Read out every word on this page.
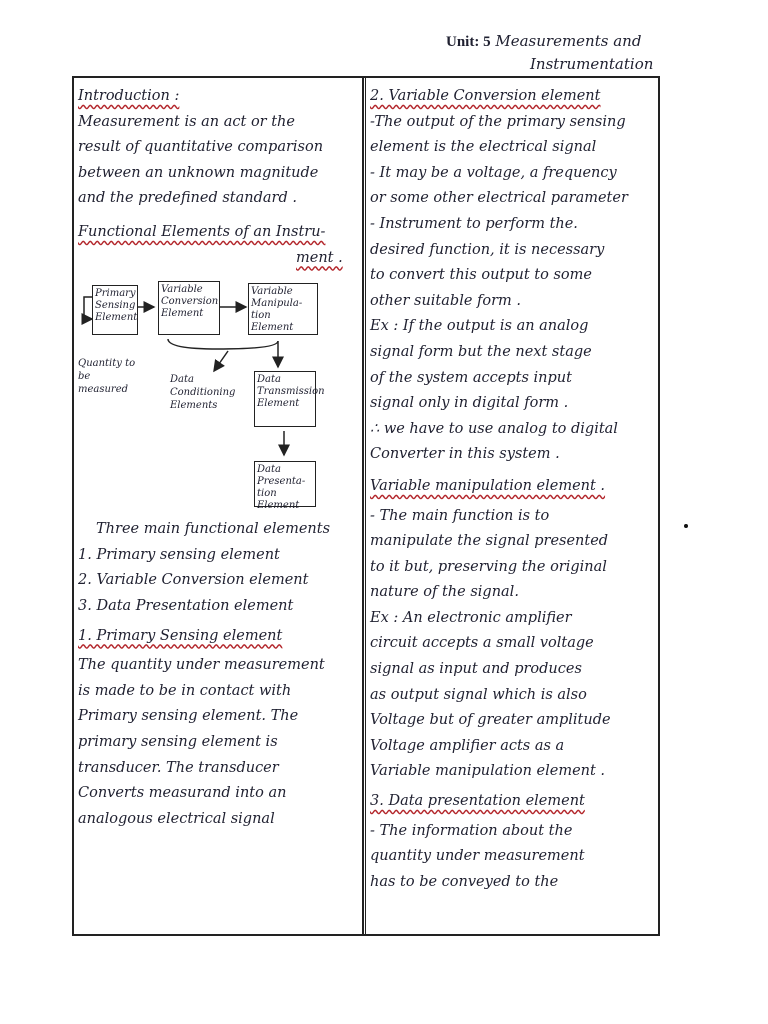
Unit: 5 Measurements and
Instrumentation

Introduction :

Measurement is an act or the

result of quantitative comparison

between an unknown magnitude

and the predefined standard .

Functional Elements of an Instru-

ment .

Primary Sensing Element
Variable Conversion Element
Variable Manipula- tion Element
Data Transmission Element
Data Presenta- tion Element
Quantity to be measured
Data Conditioning Elements

Three main functional elements

1. Primary sensing element

2. Variable Conversion element

3. Data Presentation element

1. Primary Sensing element

The quantity under measurement

is made to be in contact with

Primary sensing element. The

primary sensing element is

transducer. The transducer

Converts measurand into an

analogous electrical signal

2. Variable Conversion element

-The output of the primary sensing

element is the electrical signal

- It may be a voltage, a frequency

or some other electrical parameter

- Instrument to perform the.

desired function, it is necessary

to convert this output to some

other suitable form .

Ex : If the output is an analog

signal form but the next stage

of the system accepts input

signal only in digital form .

∴ we have to use analog to digital

Converter in this system .

Variable manipulation element .

- The main function is to

manipulate the signal presented

to it but, preserving the original

nature of the signal.

Ex : An electronic amplifier

circuit accepts a small voltage

signal as input and produces

as output signal which is also

Voltage but of greater amplitude

Voltage amplifier acts as a

Variable manipulation element .

3. Data presentation element

- The information about the

quantity under measurement

has to be conveyed to the
